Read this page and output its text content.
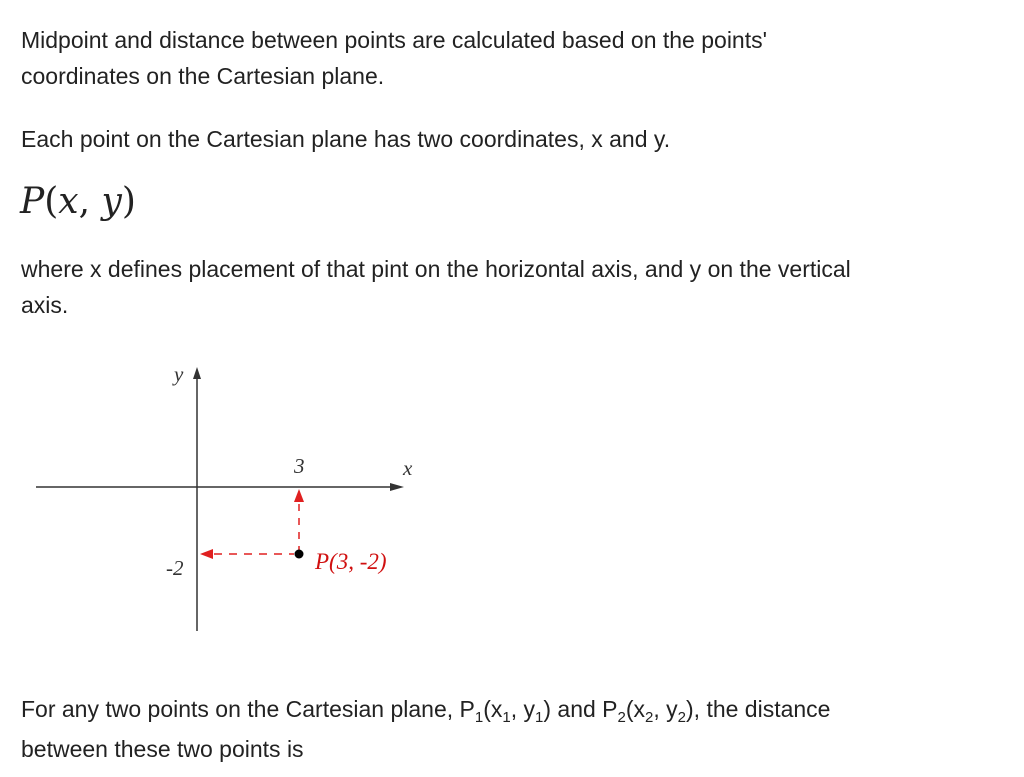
Midpoint and distance between points are calculated based on the points'
coordinates on the Cartesian plane.

Each point on the Cartesian plane has two coordinates, x and y.

P(x, y)

where x defines placement of that pint on the horizontal axis, and y on the vertical
axis.

y
x
3
-2	P(3, -2)

For any two points on the Cartesian plane, $P_1(x_1$, $y_1$) and $P_2(x_2$, $y_2$), the distance
between these two points is
